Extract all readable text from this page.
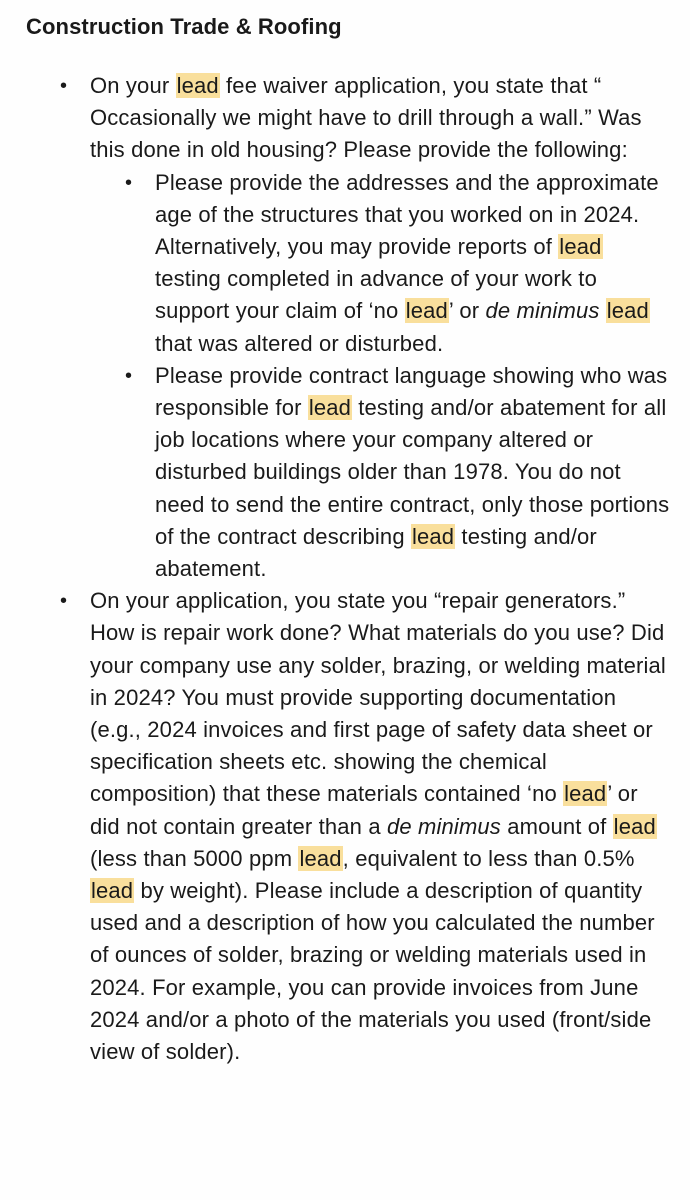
Construction Trade & Roofing
• On your lead fee waiver application, you state that “ Occasionally we might have to drill through a wall.” Was this done in old housing? Please provide the following:
• Please provide the addresses and the approximate age of the structures that you worked on in 2024. Alternatively, you may provide reports of lead testing completed in advance of your work to support your claim of ‘no lead’ or de minimus lead that was altered or disturbed.
• Please provide contract language showing who was responsible for lead testing and/or abatement for all job locations where your company altered or disturbed buildings older than 1978. You do not need to send the entire contract, only those portions of the contract describing lead testing and/or abatement.
• On your application, you state you “repair generators.” How is repair work done? What materials do you use? Did your company use any solder, brazing, or welding material in 2024? You must provide supporting documentation (e.g., 2024 invoices and first page of safety data sheet or specification sheets etc. showing the chemical composition) that these materials contained ‘no lead’ or did not contain greater than a de minimus amount of lead (less than 5000 ppm lead, equivalent to less than 0.5% lead by weight). Please include a description of quantity used and a description of how you calculated the number of ounces of solder, brazing or welding materials used in 2024. For example, you can provide invoices from June 2024 and/or a photo of the materials you used (front/side view of solder).
